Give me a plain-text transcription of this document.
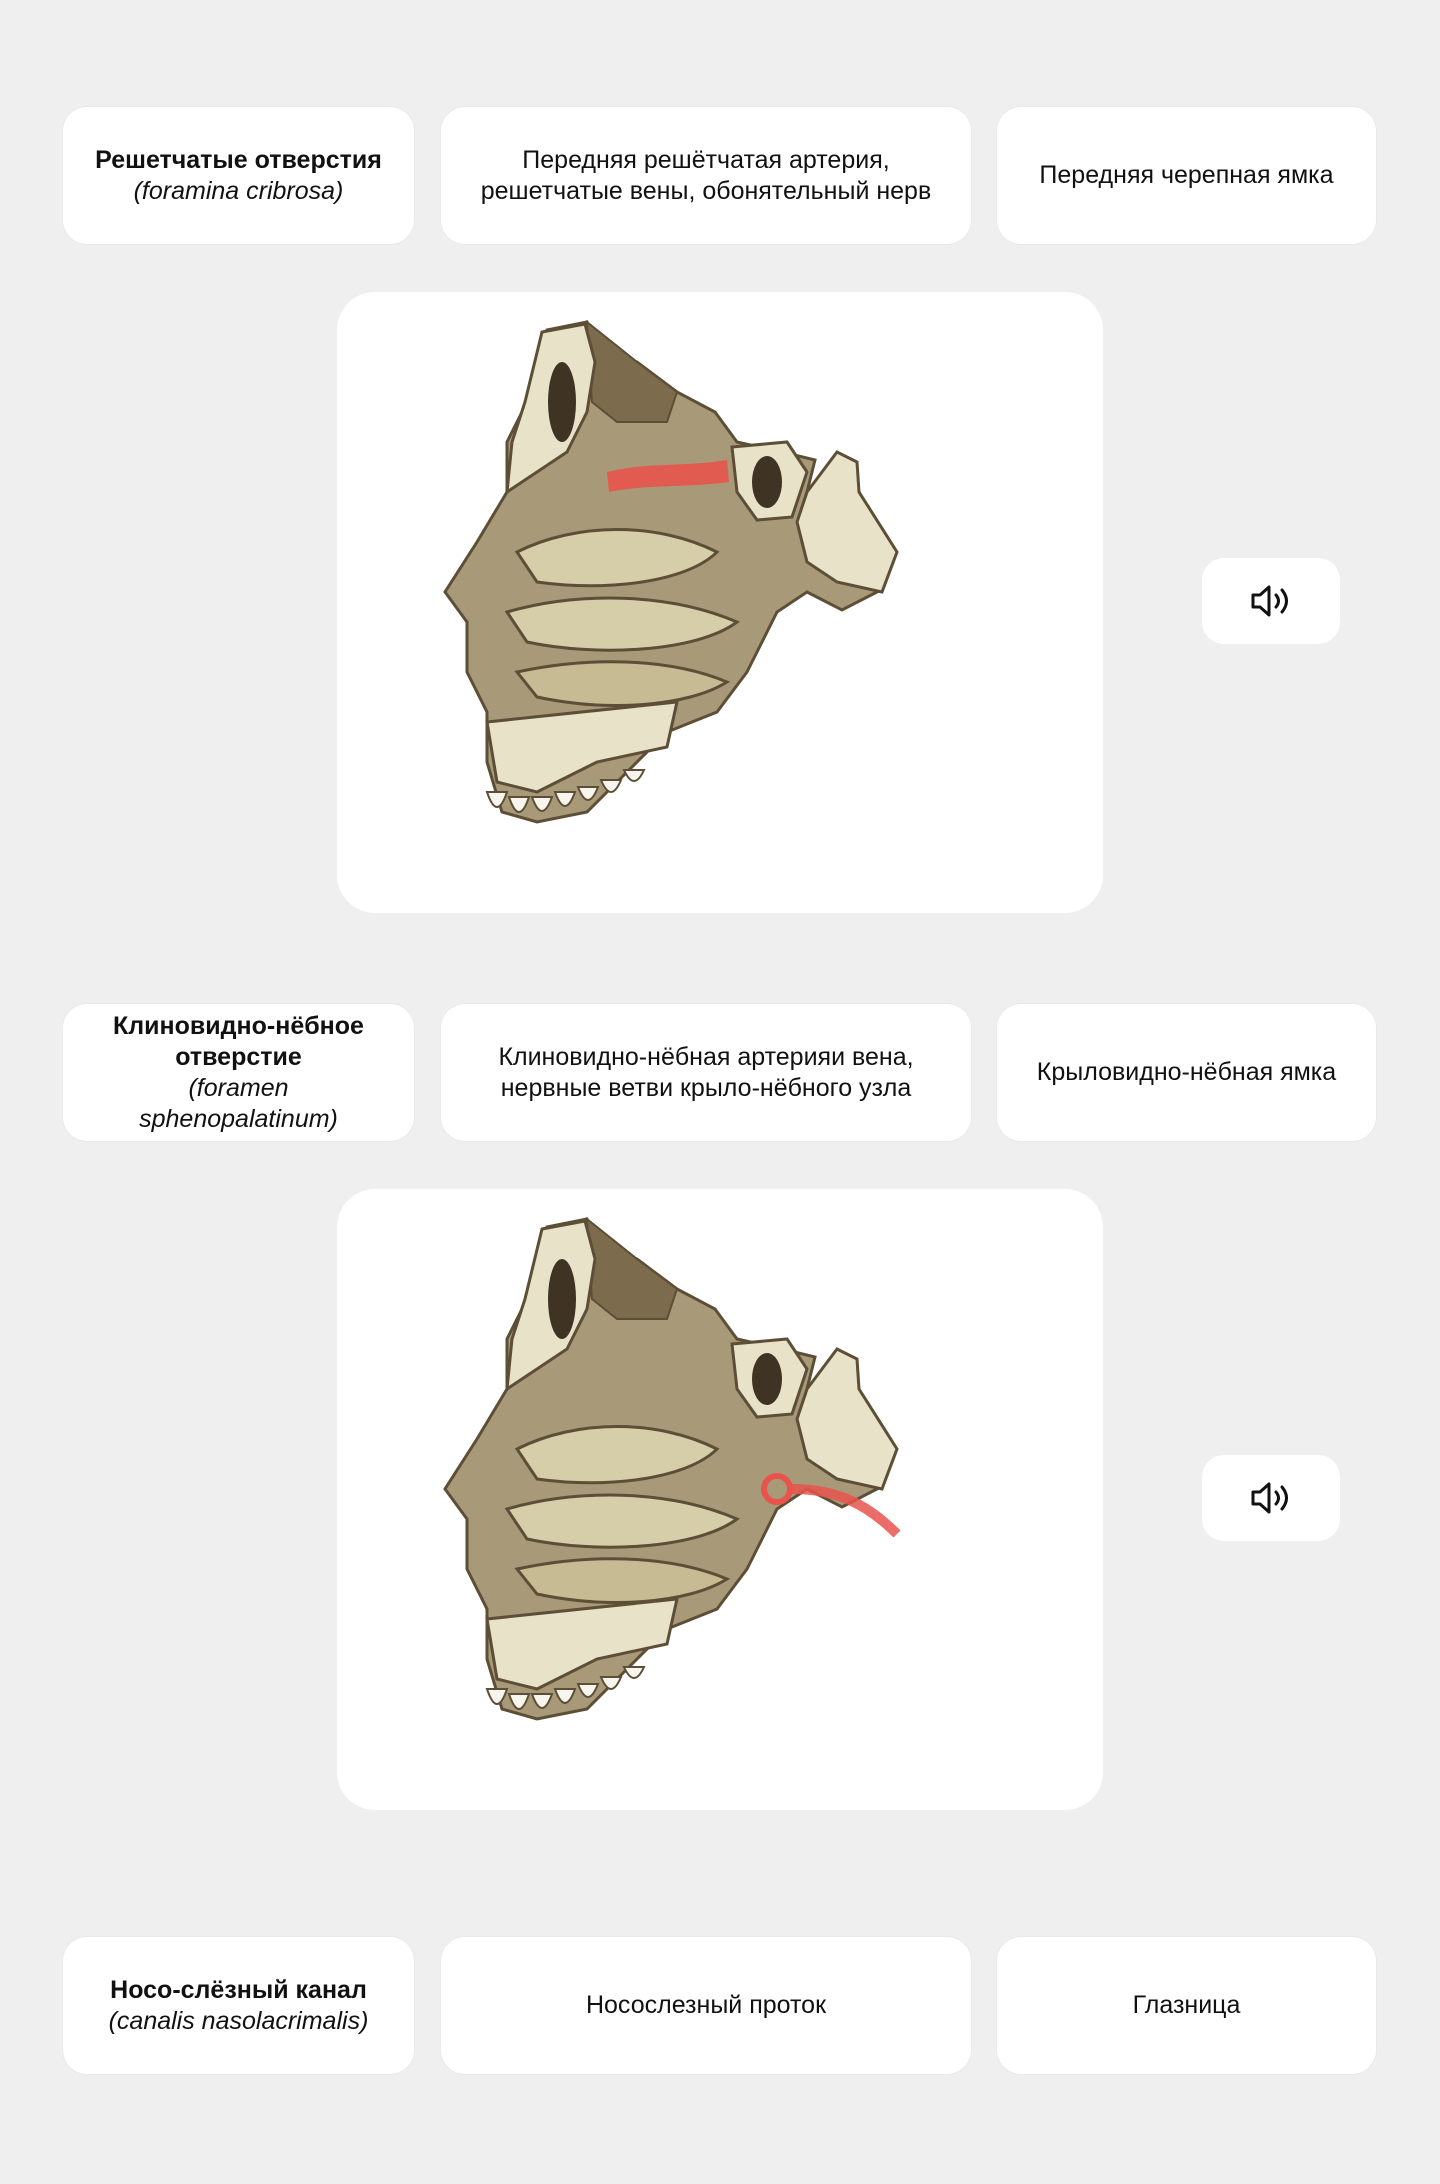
Решетчатые отверстия
(foramina cribrosa)
Передняя решётчатая артерия,
решетчатые вены, обонятельный нерв
Передняя черепная ямка
Клиновидно-нёбное
отверстие
(foramen
sphenopalatinum)
Клиновидно-нёбная артерияи вена,
нервные ветви крыло-нёбного узла
Крыловидно-нёбная ямка
Носо-слёзный канал
(canalis nasolacrimalis)
Носослезный проток	Глазница
